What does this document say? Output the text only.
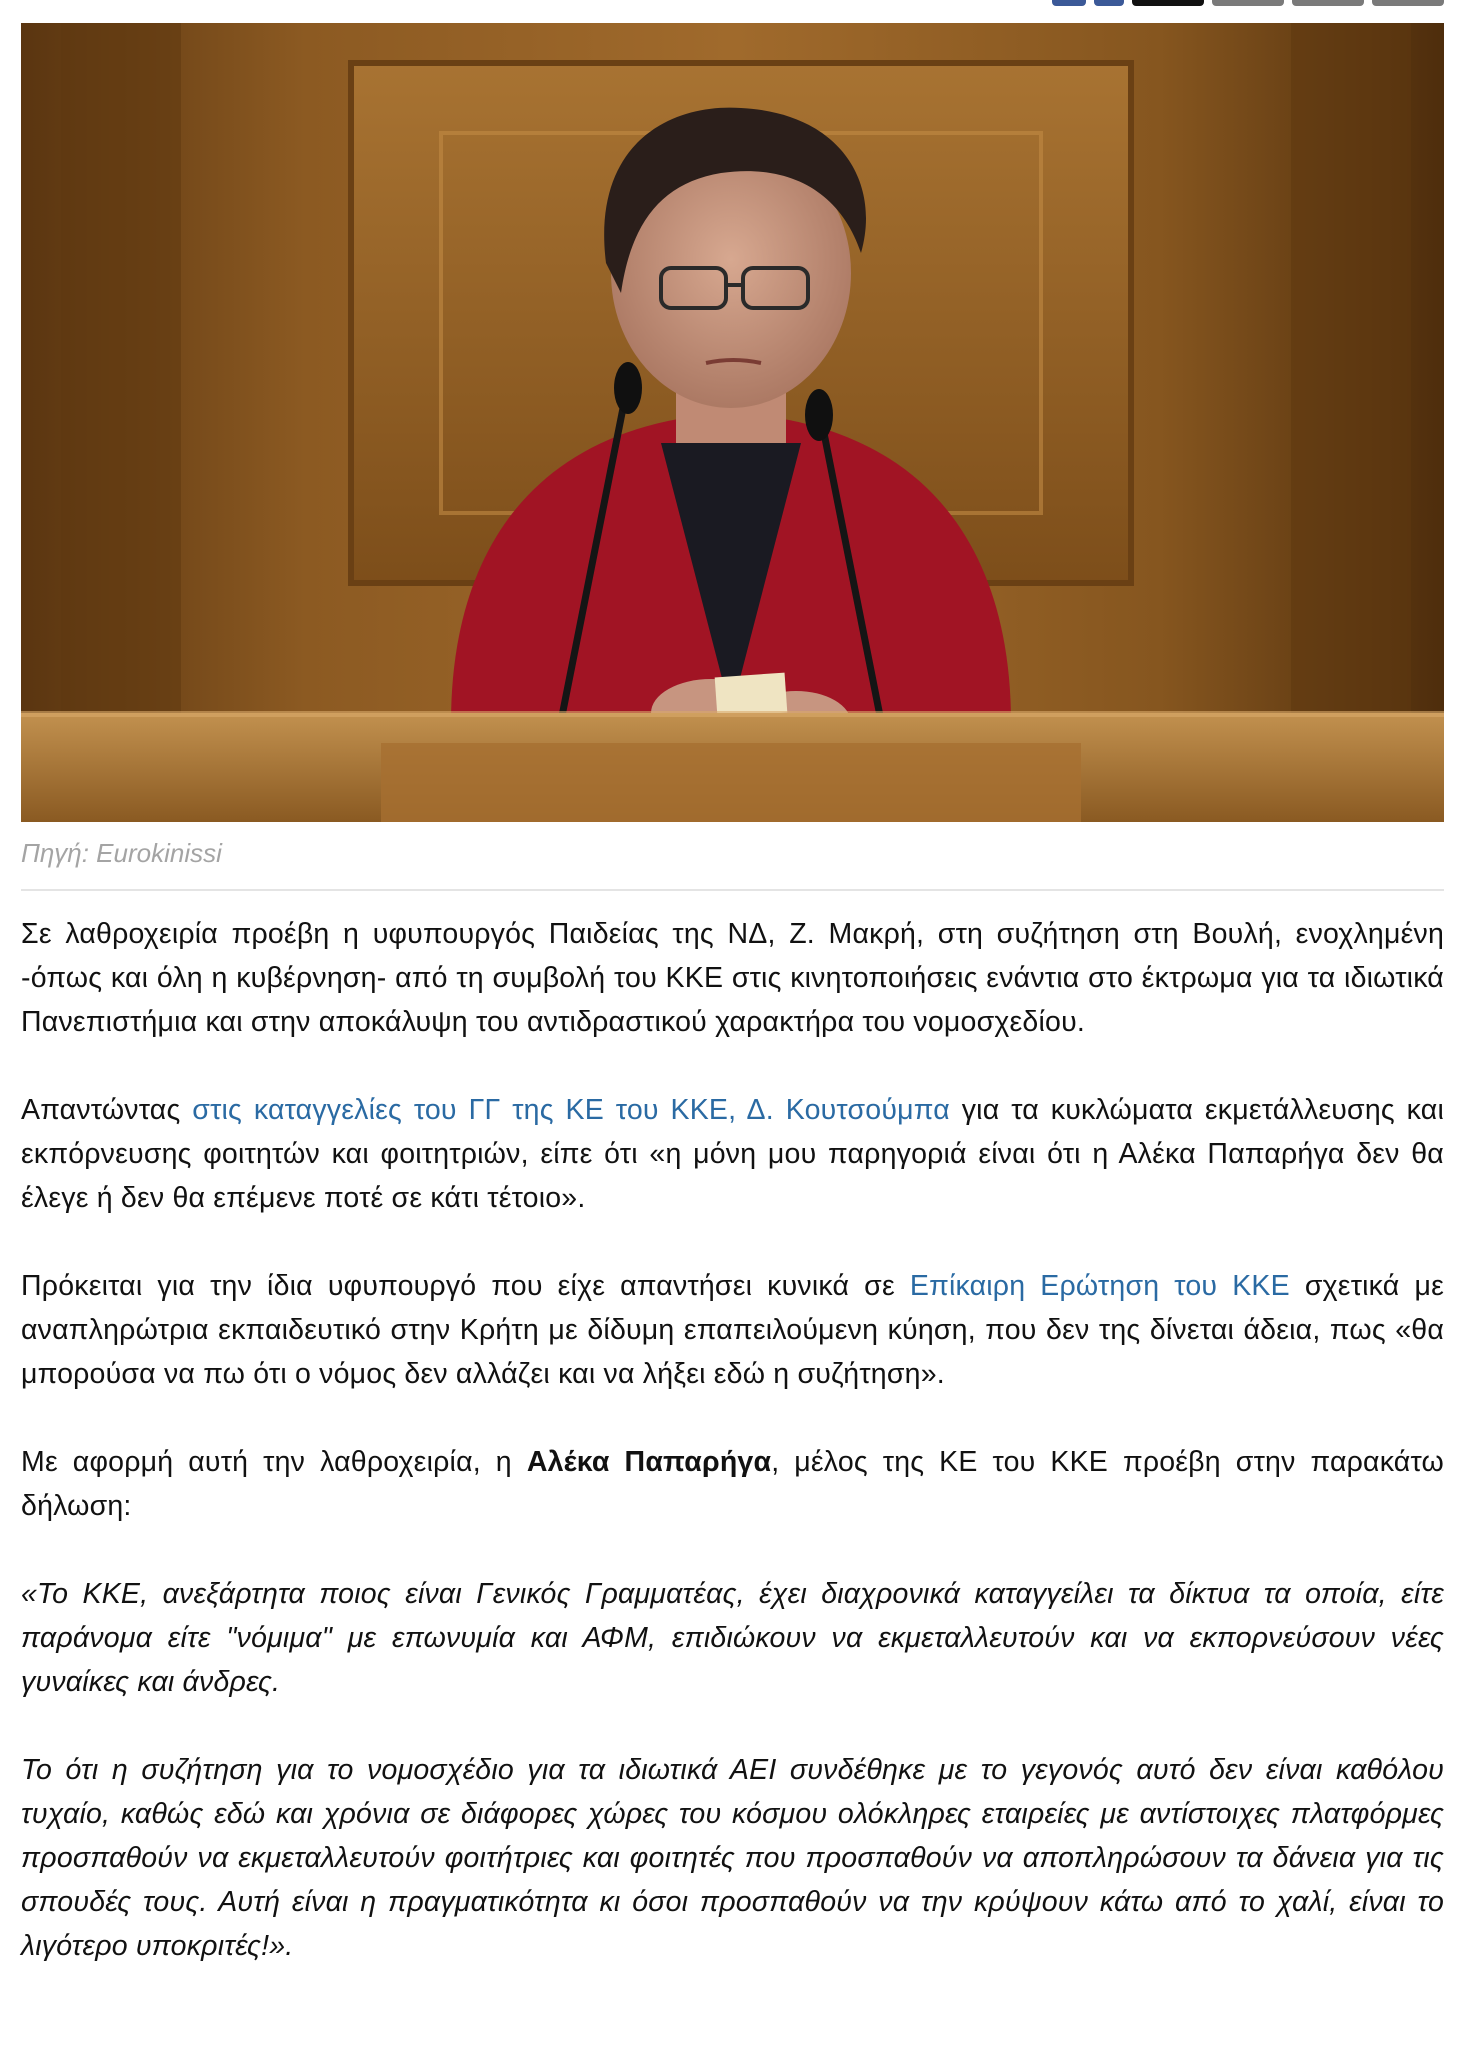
Πηγή: Eurokinissi

Σε λαθροχειρία προέβη η υφυπουργός Παιδείας της ΝΔ, Ζ. Μακρή, στη συζήτηση στη Βουλή, ενοχλημένη -όπως και όλη η κυβέρνηση- από τη συμβολή του ΚΚΕ στις κινητοποιήσεις ενάντια στο έκτρωμα για τα ιδιωτικά Πανεπιστήμια και στην αποκάλυψη του αντιδραστικού χαρακτήρα του νομοσχεδίου.

Απαντώντας στις καταγγελίες του ΓΓ της ΚΕ του ΚΚΕ, Δ. Κουτσούμπα για τα κυκλώματα εκμετάλλευσης και εκπόρνευσης φοιτητών και φοιτητριών, είπε ότι «η μόνη μου παρηγοριά είναι ότι η Αλέκα Παπαρήγα δεν θα έλεγε ή δεν θα επέμενε ποτέ σε κάτι τέτοιο».

Πρόκειται για την ίδια υφυπουργό που είχε απαντήσει κυνικά σε Επίκαιρη Ερώτηση του ΚΚΕ σχετικά με αναπληρώτρια εκπαιδευτικό στην Κρήτη με δίδυμη επαπειλούμενη κύηση, που δεν της δίνεται άδεια, πως «θα μπορούσα να πω ότι ο νόμος δεν αλλάζει και να λήξει εδώ η συζήτηση».

Με αφορμή αυτή την λαθροχειρία, η Αλέκα Παπαρήγα, μέλος της ΚΕ του ΚΚΕ προέβη στην παρακάτω δήλωση:

«Το ΚΚΕ, ανεξάρτητα ποιος είναι Γενικός Γραμματέας, έχει διαχρονικά καταγγείλει τα δίκτυα τα οποία, είτε παράνομα είτε "νόμιμα" με επωνυμία και ΑΦΜ, επιδιώκουν να εκμεταλλευτούν και να εκπορνεύσουν νέες γυναίκες και άνδρες.

Το ότι η συζήτηση για το νομοσχέδιο για τα ιδιωτικά ΑΕΙ συνδέθηκε με το γεγονός αυτό δεν είναι καθόλου τυχαίο, καθώς εδώ και χρόνια σε διάφορες χώρες του κόσμου ολόκληρες εταιρείες με αντίστοιχες πλατφόρμες προσπαθούν να εκμεταλλευτούν φοιτήτριες και φοιτητές που προσπαθούν να αποπληρώσουν τα δάνεια για τις σπουδές τους. Αυτή είναι η πραγματικότητα κι όσοι προσπαθούν να την κρύψουν κάτω από το χαλί, είναι το λιγότερο υποκριτές!».
